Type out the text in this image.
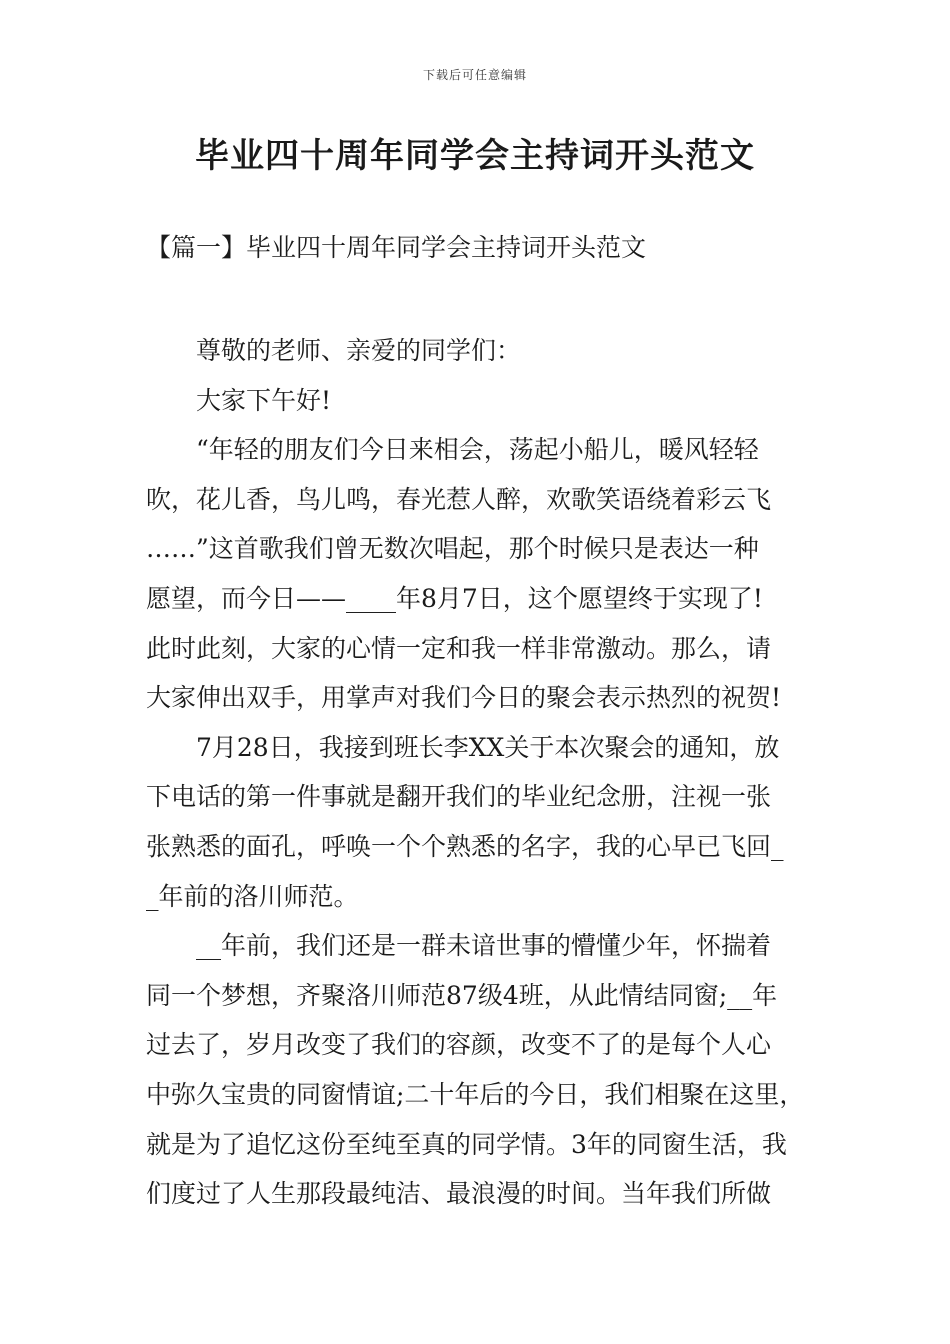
下载后可任意编辑
毕业四十周年同学会主持词开头范文
【篇一】毕业四十周年同学会主持词开头范文
尊敬的老师、亲爱的同学们：
大家下午好!
“年轻的朋友们今日来相会，荡起小船儿，暖风轻轻
吹，花儿香，鸟儿鸣，春光惹人醉，欢歌笑语绕着彩云飞
……”这首歌我们曾无数次唱起，那个时候只是表达一种
愿望，而今日——____年8月7日，这个愿望终于实现了!
此时此刻，大家的心情一定和我一样非常激动。那么，请
大家伸出双手，用掌声对我们今日的聚会表示热烈的祝贺!
7月28日，我接到班长李XX关于本次聚会的通知，放
下电话的第一件事就是翻开我们的毕业纪念册，注视一张
张熟悉的面孔，呼唤一个个熟悉的名字，我的心早已飞回_
_年前的洛川师范。
__年前，我们还是一群未谙世事的懵懂少年，怀揣着
同一个梦想，齐聚洛川师范87级4班，从此情结同窗;__年
过去了，岁月改变了我们的容颜，改变不了的是每个人心
中弥久宝贵的同窗情谊;二十年后的今日，我们相聚在这里，
就是为了追忆这份至纯至真的同学情。3年的同窗生活，我
们度过了人生那段最纯洁、最浪漫的时间。当年我们所做
